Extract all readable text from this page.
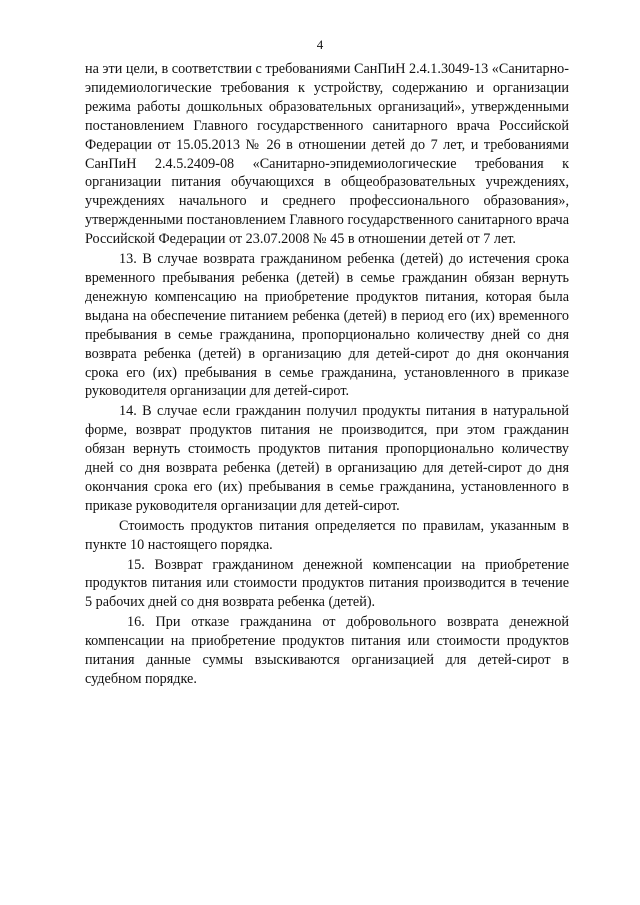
4

на эти цели, в соответствии с требованиями СанПиН 2.4.1.3049-13 «Санитарно-эпидемиологические требования к устройству, содержанию и организации режима работы дошкольных образовательных организаций», утвержденными постановлением Главного государственного санитарного врача Российской Федерации от 15.05.2013 № 26 в отношении детей до 7 лет, и требованиями СанПиН 2.4.5.2409-08 «Санитарно-эпидемиологические требования к организации питания обучающихся в общеобразовательных учреждениях, учреждениях начального и среднего профессионального образования», утвержденными постановлением Главного государственного санитарного врача Российской Федерации от 23.07.2008 № 45 в отношении детей от 7 лет.

13. В случае возврата гражданином ребенка (детей) до истечения срока временного пребывания ребенка (детей) в семье гражданин обязан вернуть денежную компенсацию на приобретение продуктов питания, которая была выдана на обеспечение питанием ребенка (детей) в период его (их) временного пребывания в семье гражданина, пропорционально количеству дней со дня возврата ребенка (детей) в организацию для детей-сирот до дня окончания срока его (их) пребывания в семье гражданина, установленного в приказе руководителя организации для детей-сирот.

14. В случае если гражданин получил продукты питания в натуральной форме, возврат продуктов питания не производится, при этом гражданин обязан вернуть стоимость продуктов питания пропорционально количеству дней со дня возврата ребенка (детей) в организацию для детей-сирот до дня окончания срока его (их) пребывания в семье гражданина, установленного в приказе руководителя организации для детей-сирот.

Стоимость продуктов питания определяется по правилам, указанным в пункте 10 настоящего порядка.

15. Возврат гражданином денежной компенсации на приобретение продуктов питания или стоимости продуктов питания производится в течение 5 рабочих дней со дня возврата ребенка (детей).

16. При отказе гражданина от добровольного возврата денежной компенсации на приобретение продуктов питания или стоимости продуктов питания данные суммы взыскиваются организацией для детей-сирот в судебном порядке.
